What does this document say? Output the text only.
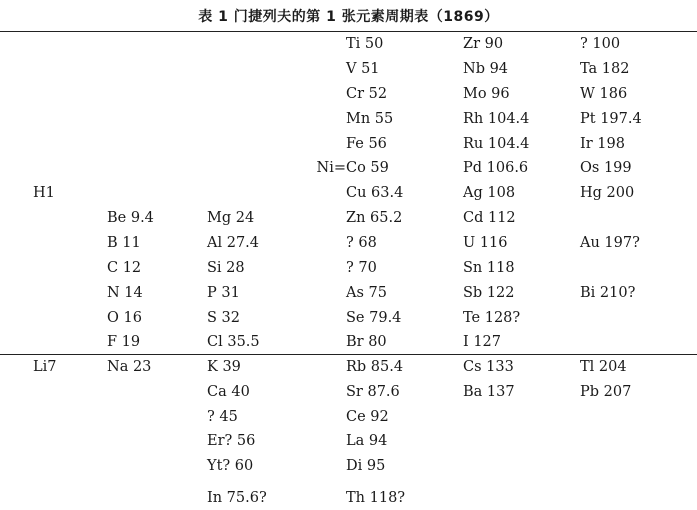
表 1 门捷列夫的第 1 张元素周期表（1869）
H1
Li7
Be 9.4
B 11
C 12
N 14
O 16
F 19
Na 23
Mg 24
Al 27.4
Si 28
P 31
S 32
Cl 35.5
K 39
Ca 40
? 45
Er? 56
Yt? 60
In 75.6?
Ti 50
V 51
Cr 52
Mn 55
Fe 56
Co 59
Ni=
Cu 63.4
Zn 65.2
? 68
? 70
As 75
Se 79.4
Br 80
Rb 85.4
Sr 87.6
Ce 92
La 94
Di 95
Th 118?
Zr 90
Nb 94
Mo 96
Rh 104.4
Ru 104.4
Pd 106.6
Ag 108
Cd 112
U 116
Sn 118
Sb 122
Te 128?
I 127
Cs 133
Ba 137
? 100
Ta 182
W 186
Pt 197.4
Ir 198
Os 199
Hg 200
Au 197?
Bi 210?
Tl 204
Pb 207
